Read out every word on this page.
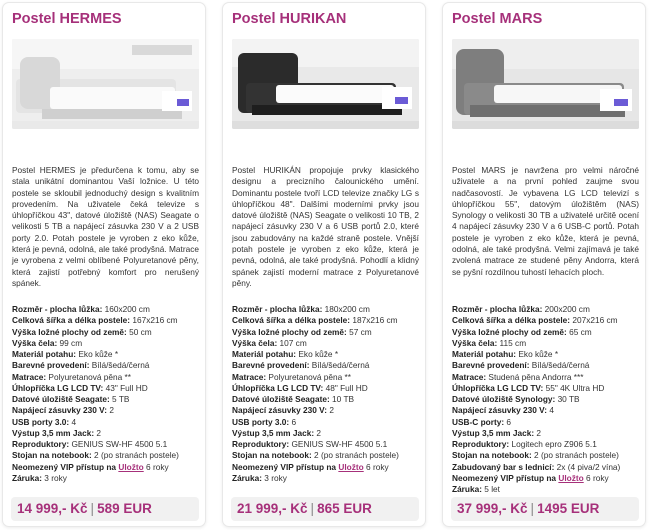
Postel HERMES
Postel HERMES je předurčena k tomu, aby se stala unikátní dominantou Vaší ložnice. U této postele se skloubil jednoduchý design s kvalitním provedením. Na uživatele čeká televize s úhlopříčkou 43", datové úložiště (NAS) Seagate o velikosti 5 TB a napájecí zásuvka 230 V a 2 USB porty 2.0. Potah postele je vyroben z eko kůže, která je pevná, odolná, ale také prodyšná. Matrace je vyrobena z velmi oblíbené Polyuretanové pěny, která zajistí potřebný komfort pro nerušený spánek.
Rozměr - plocha lůžka: 160x200 cm
Celková šířka a délka postele: 167x216 cm
Výška ložné plochy od země: 50 cm
Výška čela: 99 cm
Materiál potahu: Eko kůže *
Barevné provedení: Bílá/šedá/černá
Matrace: Polyuretanová pěna **
Úhlopříčka LG LCD TV: 43" Full HD
Datové úložiště Seagate: 5 TB
Napájecí zásuvky 230 V: 2
USB porty 3.0: 4
Výstup 3,5 mm Jack: 2
Reproduktory: GENIUS SW-HF 4500 5.1
Stojan na notebook: 2 (po stranách postele)
Neomezený VIP přístup na Uložto 6 roky
Záruka: 3 roky
14 999,- Kč | 589 EUR
Postel HURIKAN
Postel HURIKÁN propojuje prvky klasického designu a precizního čalounického umění. Dominantu postele tvoří LCD televize značky LG s úhlopříčkou 48". Dalšími moderními prvky jsou datové úložiště (NAS) Seagate o velikosti 10 TB, 2 napájecí zásuvky 230 V a 6 USB portů 2.0, které jsou zabudovány na každé straně postele. Vnější potah postele je vyroben z eko kůže, která je pevná, odolná, ale také prodyšná. Pohodlí a klidný spánek zajistí moderní matrace z Polyuretanové pěny.
Rozměr - plocha lůžka: 180x200 cm
Celková šířka a délka postele: 187x216 cm
Výška ložné plochy od země: 57 cm
Výška čela: 107 cm
Materiál potahu: Eko kůže *
Barevné provedení: Bílá/šedá/černá
Matrace: Polyuretanová pěna **
Úhlopříčka LG LCD TV: 48" Full HD
Datové úložiště Seagate: 10 TB
Napájecí zásuvky 230 V: 2
USB porty 3.0: 6
Výstup 3,5 mm Jack: 2
Reproduktory: GENIUS SW-HF 4500 5.1
Stojan na notebook: 2 (po stranách postele)
Neomezený VIP přístup na Uložto 6 roky
Záruka: 3 roky
21 999,- Kč | 865 EUR
Postel MARS
Postel MARS je navržena pro velmi náročné uživatele a na první pohled zaujme svou nadčasovostí. Je vybavena LG LCD televizí s úhlopříčkou 55", datovým úložištěm (NAS) Synology o velikosti 30 TB a uživatelé určitě ocení 4 napájecí zásuvky 230 V a 6 USB-C portů. Potah postele je vyroben z eko kůže, která je pevná, odolná, ale také prodyšná. Velmi zajímavá je také zvolená matrace ze studené pěny Andorra, která se pyšní rozdílnou tuhostí lehacích ploch.
Rozměr - plocha lůžka: 200x200 cm
Celková šířka a délka postele: 207x216 cm
Výška ložné plochy od země: 65 cm
Výška čela: 115 cm
Materiál potahu: Eko kůže *
Barevné provedení: Bílá/šedá/černá
Matrace: Studená pěna Andorra ***
Úhlopříčka LG LCD TV: 55" 4K Ultra HD
Datové úložiště Synology: 30 TB
Napájecí zásuvky 230 V: 4
USB-C porty: 6
Výstup 3,5 mm Jack: 2
Reproduktory: Logitech epro Z906 5.1
Stojan na notebook: 2 (po stranách postele)
Zabudovaný bar s lednicí: 2x (4 piva/2 vína)
Neomezený VIP přístup na Uložto 6 roky
Záruka: 5 let
37 999,- Kč | 1495 EUR
